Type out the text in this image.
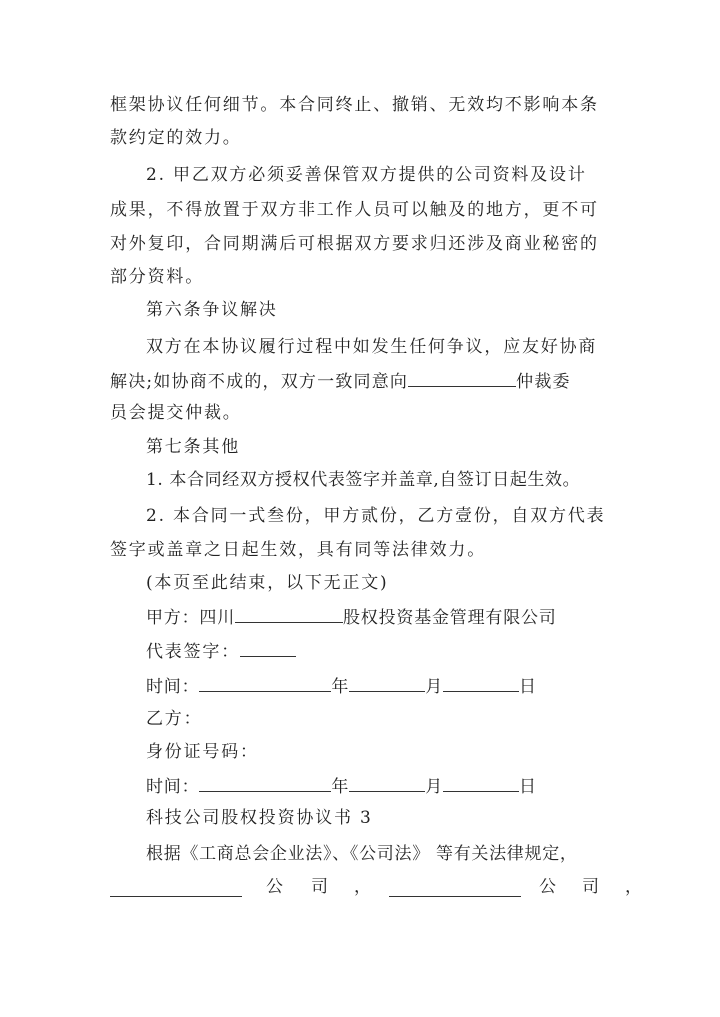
框架协议任何细节。本合同终止、撤销、无效均不影响本条
款约定的效力。
2. 甲乙双方必须妥善保管双方提供的公司资料及设计
成果，不得放置于双方非工作人员可以触及的地方，更不可
对外复印，合同期满后可根据双方要求归还涉及商业秘密的
部分资料。
第六条争议解决
双方在本协议履行过程中如发生任何争议，应友好协商
解决;如协商不成的，双方一致同意向	仲裁委
员会提交仲裁。
第七条其他
1. 本合同经双方授权代表签字并盖章,自签订日起生效。
2. 本合同一式叁份，甲方贰份，乙方壹份，自双方代表
签字或盖章之日起生效，具有同等法律效力。
(本页至此结束，以下无正文)
甲方：四川	股权投资基金管理有限公司
代表签字：
时间：	年	月	日
乙方：
身份证号码：
时间：	年	月	日
科技公司股权投资协议书 3
根据《工商总会企业法》、《公司法》 等有关法律规定，
公 司 ，	公 司 ，
